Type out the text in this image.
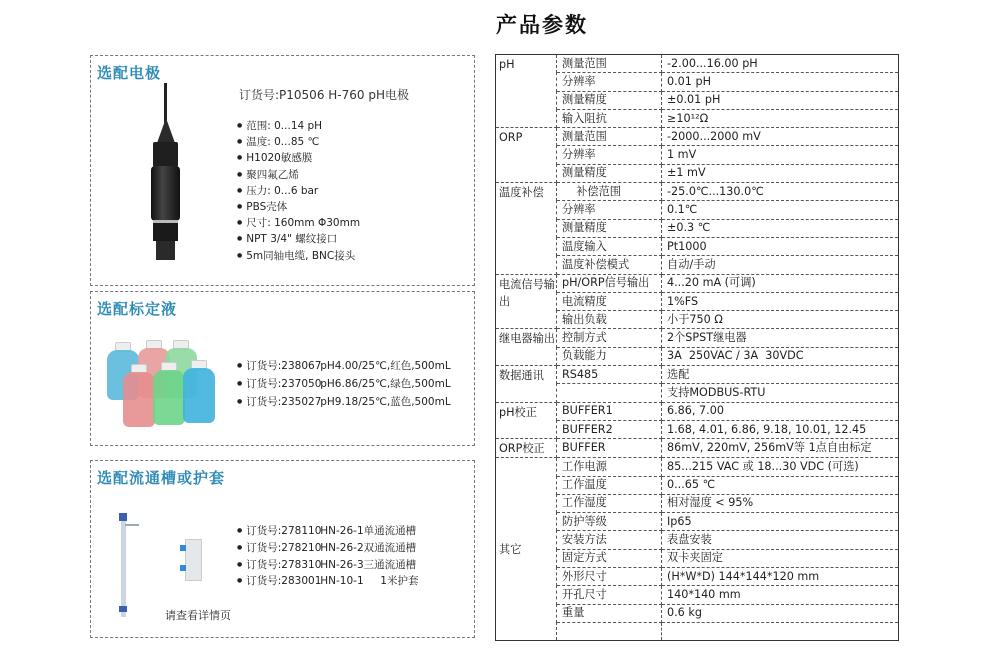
产品参数
选配电极
订货号:P10506 H-760 pH电极
● 范围: 0...14 pH
● 温度: 0...85 ℃
● H1020敏感膜
● 聚四氟乙烯
● 压力: 0...6 bar
● PBS壳体
● 尺寸: 160mm Φ30mm
● NPT 3/4" 螺纹接口
● 5m同轴电缆, BNC接头
选配标定液
● 订货号:238067pH4.00/25℃,红色,500mL
● 订货号:237050pH6.86/25℃,绿色,500mL
● 订货号:235027pH9.18/25℃,蓝色,500mL
选配流通槽或护套
● 订货号:278110HN-26-1单通流通槽
● 订货号:278210HN-26-2双通流通槽
● 订货号:278310HN-26-3三通流通槽
● 订货号:283001HN-10-1     1米护套
请查看详情页
pH	测量范围	-2.00...16.00 pH
	分辨率	0.01 pH
	测量精度	±0.01 pH
	输入阻抗	≥10¹²Ω
ORP	测量范围	-2000...2000 mV
	分辨率	1 mV
	测量精度	±1 mV
温度补偿	补偿范围	-25.0℃...130.0℃
	分辨率	0.1℃
	测量精度	±0.3 ℃
	温度输入	Pt1000
	温度补偿模式	自动/手动
电流信号输出	pH/ORP信号输出	4...20 mA (可调)
	电流精度	1%FS
	输出负载	小于750 Ω
继电器输出	控制方式	2个SPST继电器
	负载能力	3A  250VAC / 3A  30VDC
数据通讯	RS485	选配
		支持MODBUS-RTU
pH校正	BUFFER1	6.86, 7.00
	BUFFER2	1.68, 4.01, 6.86, 9.18, 10.01, 12.45
ORP校正	BUFFER	86mV, 220mV, 256mV等 1点自由标定
其它	工作电源	85...215 VAC 或 18...30 VDC (可选)
	工作温度	0...65 ℃
	工作湿度	相对湿度 < 95%
	防护等级	Ip65
	安装方法	表盘安装
	固定方式	双卡夹固定
	外形尺寸	(H*W*D) 144*144*120 mm
	开孔尺寸	140*140 mm
	重量	0.6 kg
